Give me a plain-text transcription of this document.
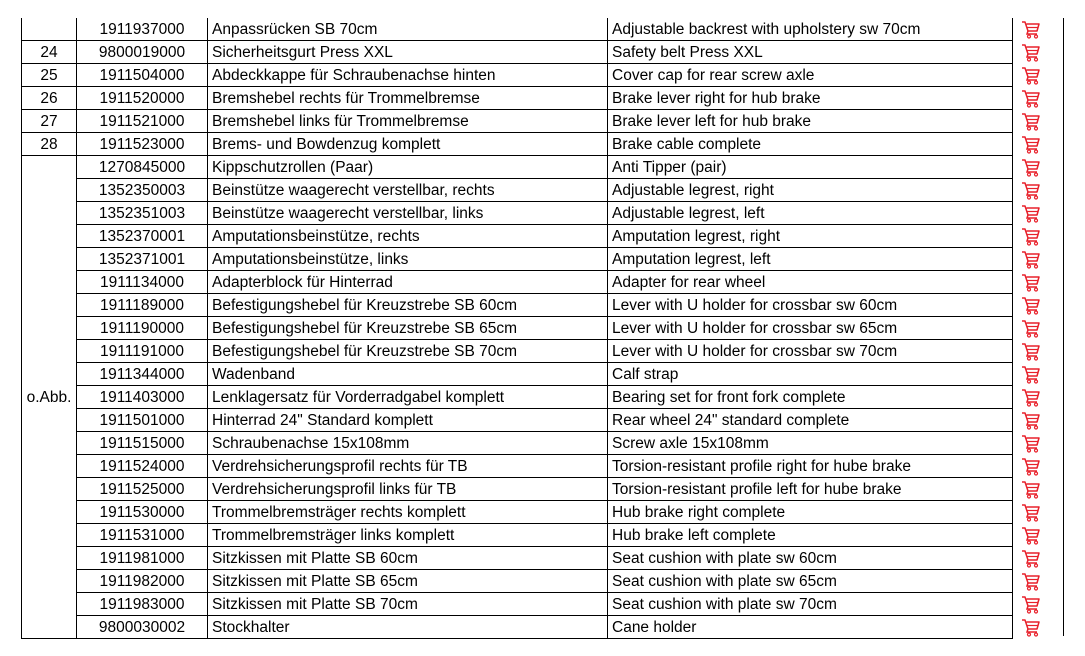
	1911937000	Anpassrücken SB 70cm	Adjustable backrest with upholstery sw 70cm	
24	9800019000	Sicherheitsgurt Press XXL	Safety belt Press XXL	
25	1911504000	Abdeckkappe für Schraubenachse hinten	Cover cap for rear screw axle	
26	1911520000	Bremshebel rechts für Trommelbremse	Brake lever right for hub brake	
27	1911521000	Bremshebel links für Trommelbremse	Brake lever left for hub brake	
28	1911523000	Brems- und Bowdenzug komplett	Brake cable complete	
o.Abb.	1270845000	Kippschutzrollen (Paar)	Anti Tipper (pair)	
	1352350003	Beinstütze waagerecht verstellbar, rechts	Adjustable legrest, right	
	1352351003	Beinstütze waagerecht verstellbar, links	Adjustable legrest, left	
	1352370001	Amputationsbeinstütze, rechts	Amputation legrest, right	
	1352371001	Amputationsbeinstütze, links	Amputation legrest, left	
	1911134000	Adapterblock für Hinterrad	Adapter for rear wheel	
	1911189000	Befestigungshebel für Kreuzstrebe SB 60cm	Lever with U holder for crossbar sw 60cm	
	1911190000	Befestigungshebel für Kreuzstrebe SB 65cm	Lever with U holder for crossbar sw 65cm	
	1911191000	Befestigungshebel für Kreuzstrebe SB 70cm	Lever with U holder for crossbar sw 70cm	
	1911344000	Wadenband	Calf strap	
	1911403000	Lenklagersatz für Vorderradgabel komplett	Bearing set for front fork complete	
	1911501000	Hinterrad 24" Standard komplett	Rear wheel 24" standard complete	
	1911515000	Schraubenachse 15x108mm	Screw axle 15x108mm	
	1911524000	Verdrehsicherungsprofil rechts für TB	Torsion-resistant profile right for hube brake	
	1911525000	Verdrehsicherungsprofil links für TB	Torsion-resistant profile left for hube brake	
	1911530000	Trommelbremsträger rechts komplett	Hub brake right complete	
	1911531000	Trommelbremsträger links komplett	Hub brake left complete	
	1911981000	Sitzkissen mit Platte SB 60cm	Seat cushion with plate sw 60cm	
	1911982000	Sitzkissen mit Platte SB 65cm	Seat cushion with plate sw 65cm	
	1911983000	Sitzkissen mit Platte SB 70cm	Seat cushion with plate sw 70cm	
	9800030002	Stockhalter	Cane holder	
